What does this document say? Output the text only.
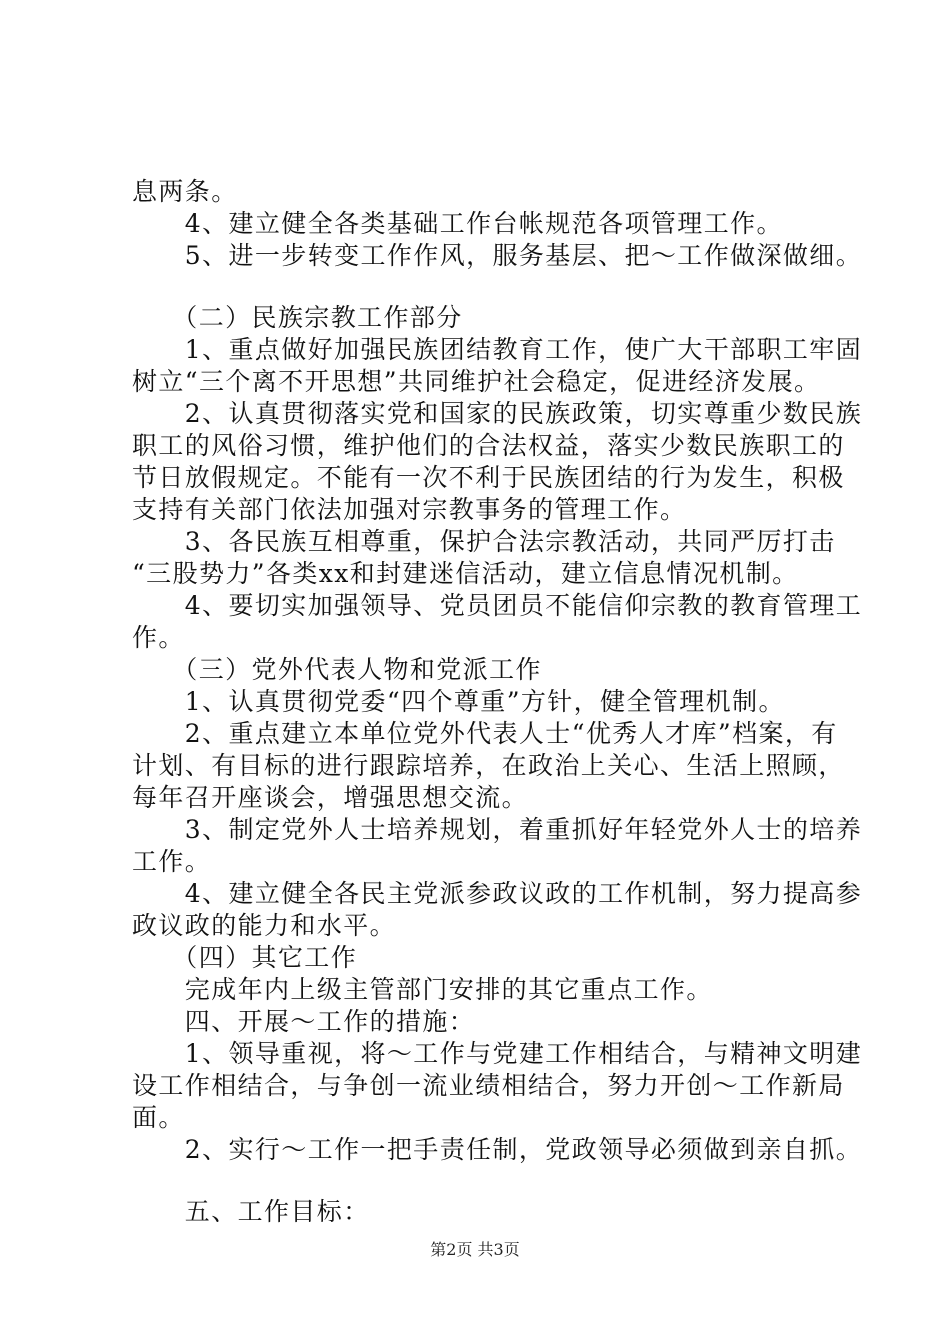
息两条。
　　4、建立健全各类基础工作台帐规范各项管理工作。
　　5、进一步转变工作作风，服务基层、把～工作做深做细。
　　（二）民族宗教工作部分
　　1、重点做好加强民族团结教育工作，使广大干部职工牢固
树立“三个离不开思想”共同维护社会稳定，促进经济发展。
　　2、认真贯彻落实党和国家的民族政策，切实尊重少数民族
职工的风俗习惯，维护他们的合法权益，落实少数民族职工的
节日放假规定。不能有一次不利于民族团结的行为发生，积极
支持有关部门依法加强对宗教事务的管理工作。
　　3、各民族互相尊重，保护合法宗教活动，共同严厉打击
“三股势力”各类xx和封建迷信活动，建立信息情况机制。
　　4、要切实加强领导、党员团员不能信仰宗教的教育管理工
作。
　　（三）党外代表人物和党派工作
　　1、认真贯彻党委“四个尊重”方针，健全管理机制。
　　2、重点建立本单位党外代表人士“优秀人才库”档案，有
计划、有目标的进行跟踪培养，在政治上关心、生活上照顾，
每年召开座谈会，增强思想交流。
　　3、制定党外人士培养规划，着重抓好年轻党外人士的培养
工作。
　　4、建立健全各民主党派参政议政的工作机制，努力提高参
政议政的能力和水平。
　　（四）其它工作
　　完成年内上级主管部门安排的其它重点工作。
　　四、开展～工作的措施：
　　1、领导重视，将～工作与党建工作相结合，与精神文明建
设工作相结合，与争创一流业绩相结合，努力开创～工作新局
面。
　　2、实行～工作一把手责任制，党政领导必须做到亲自抓。
　　五、工作目标：
第2页 共3页
